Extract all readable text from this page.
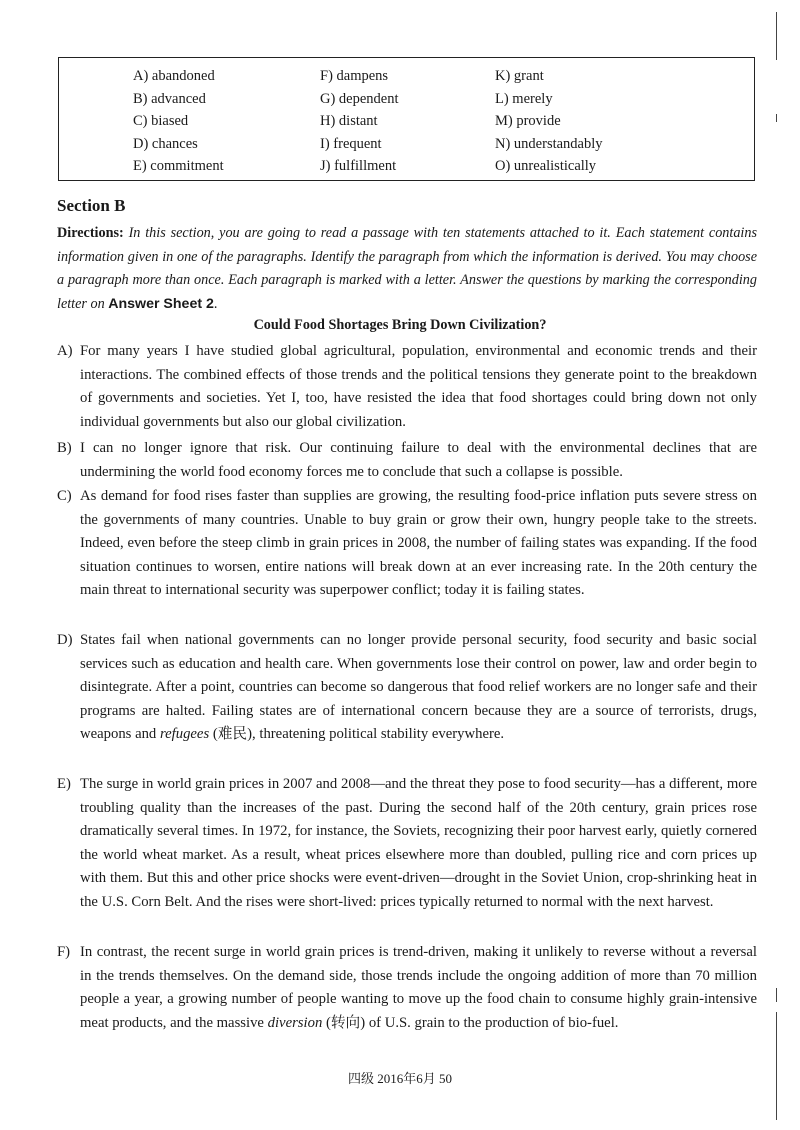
A) abandoned
B) advanced
C) biased
D) chances
E) commitment
F) dampens
G) dependent
H) distant
I) frequent
J) fulfillment
K) grant
L) merely
M) provide
N) understandably
O) unrealistically
Section B
Directions: In this section, you are going to read a passage with ten statements attached to it. Each statement contains information given in one of the paragraphs. Identify the paragraph from which the information is derived. You may choose a paragraph more than once. Each paragraph is marked with a letter. Answer the questions by marking the corresponding letter on Answer Sheet 2.
Could Food Shortages Bring Down Civilization?
A) For many years I have studied global agricultural, population, environmental and economic trends and their interactions. The combined effects of those trends and the political tensions they generate point to the breakdown of governments and societies. Yet I, too, have resisted the idea that food shortages could bring down not only individual governments but also our global civilization.
B) I can no longer ignore that risk. Our continuing failure to deal with the environmental declines that are undermining the world food economy forces me to conclude that such a collapse is possible.
C) As demand for food rises faster than supplies are growing, the resulting food-price inflation puts severe stress on the governments of many countries. Unable to buy grain or grow their own, hungry people take to the streets. Indeed, even before the steep climb in grain prices in 2008, the number of failing states was expanding. If the food situation continues to worsen, entire nations will break down at an ever increasing rate. In the 20th century the main threat to international security was superpower conflict; today it is failing states.
D) States fail when national governments can no longer provide personal security, food security and basic social services such as education and health care. When governments lose their control on power, law and order begin to disintegrate. After a point, countries can become so dangerous that food relief workers are no longer safe and their programs are halted. Failing states are of international concern because they are a source of terrorists, drugs, weapons and refugees (难民), threatening political stability everywhere.
E) The surge in world grain prices in 2007 and 2008—and the threat they pose to food security—has a different, more troubling quality than the increases of the past. During the second half of the 20th century, grain prices rose dramatically several times. In 1972, for instance, the Soviets, recognizing their poor harvest early, quietly cornered the world wheat market. As a result, wheat prices elsewhere more than doubled, pulling rice and corn prices up with them. But this and other price shocks were event-driven—drought in the Soviet Union, crop-shrinking heat in the U.S. Corn Belt. And the rises were short-lived: prices typically returned to normal with the next harvest.
F) In contrast, the recent surge in world grain prices is trend-driven, making it unlikely to reverse without a reversal in the trends themselves. On the demand side, those trends include the ongoing addition of more than 70 million people a year, a growing number of people wanting to move up the food chain to consume highly grain-intensive meat products, and the massive diversion (转向) of U.S. grain to the production of bio-fuel.
四级 2016年6月 50
